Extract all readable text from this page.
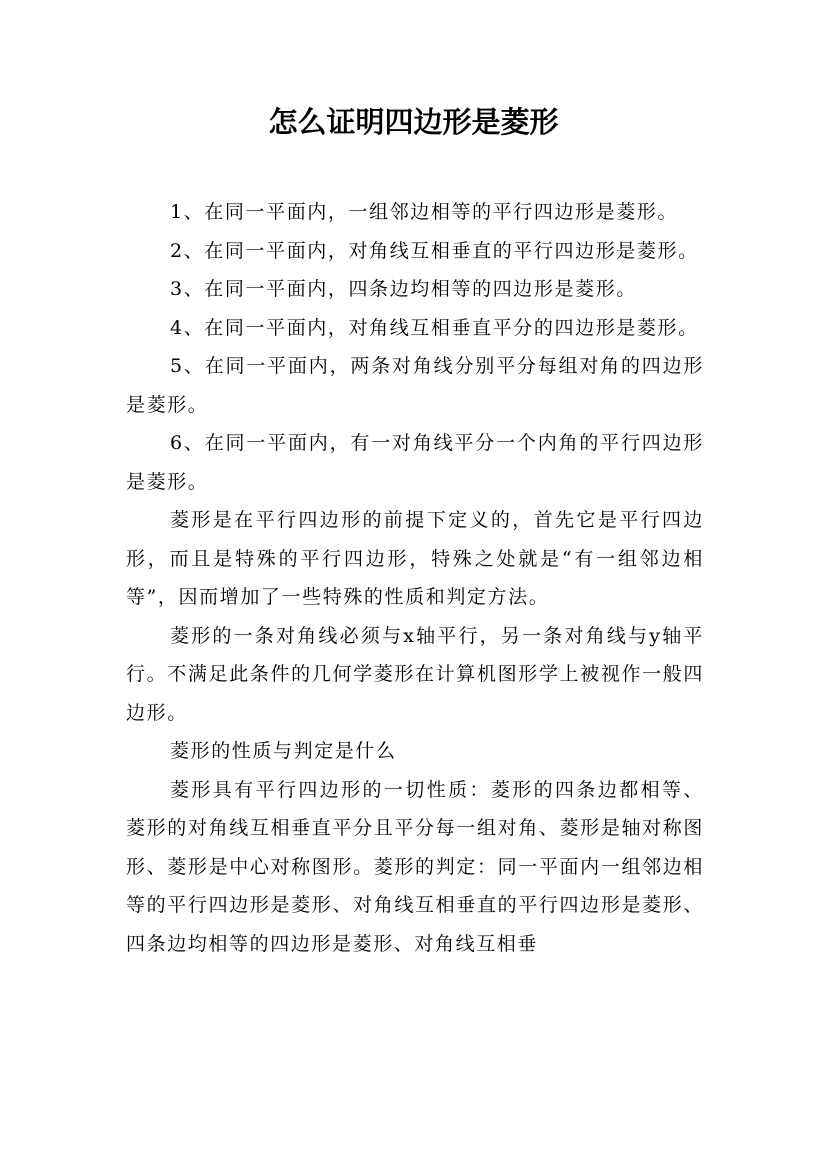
怎么证明四边形是菱形

1、在同一平面内，一组邻边相等的平行四边形是菱形。

2、在同一平面内，对角线互相垂直的平行四边形是菱形。

3、在同一平面内，四条边均相等的四边形是菱形。

4、在同一平面内，对角线互相垂直平分的四边形是菱形。

5、在同一平面内，两条对角线分别平分每组对角的四边形是菱形。

6、在同一平面内，有一对角线平分一个内角的平行四边形是菱形。

菱形是在平行四边形的前提下定义的，首先它是平行四边形，而且是特殊的平行四边形，特殊之处就是“有一组邻边相等”，因而增加了一些特殊的性质和判定方法。

菱形的一条对角线必须与x轴平行，另一条对角线与y轴平行。不满足此条件的几何学菱形在计算机图形学上被视作一般四边形。

菱形的性质与判定是什么

菱形具有平行四边形的一切性质：菱形的四条边都相等、菱形的对角线互相垂直平分且平分每一组对角、菱形是轴对称图形、菱形是中心对称图形。菱形的判定：同一平面内一组邻边相等的平行四边形是菱形、对角线互相垂直的平行四边形是菱形、四条边均相等的四边形是菱形、对角线互相垂
